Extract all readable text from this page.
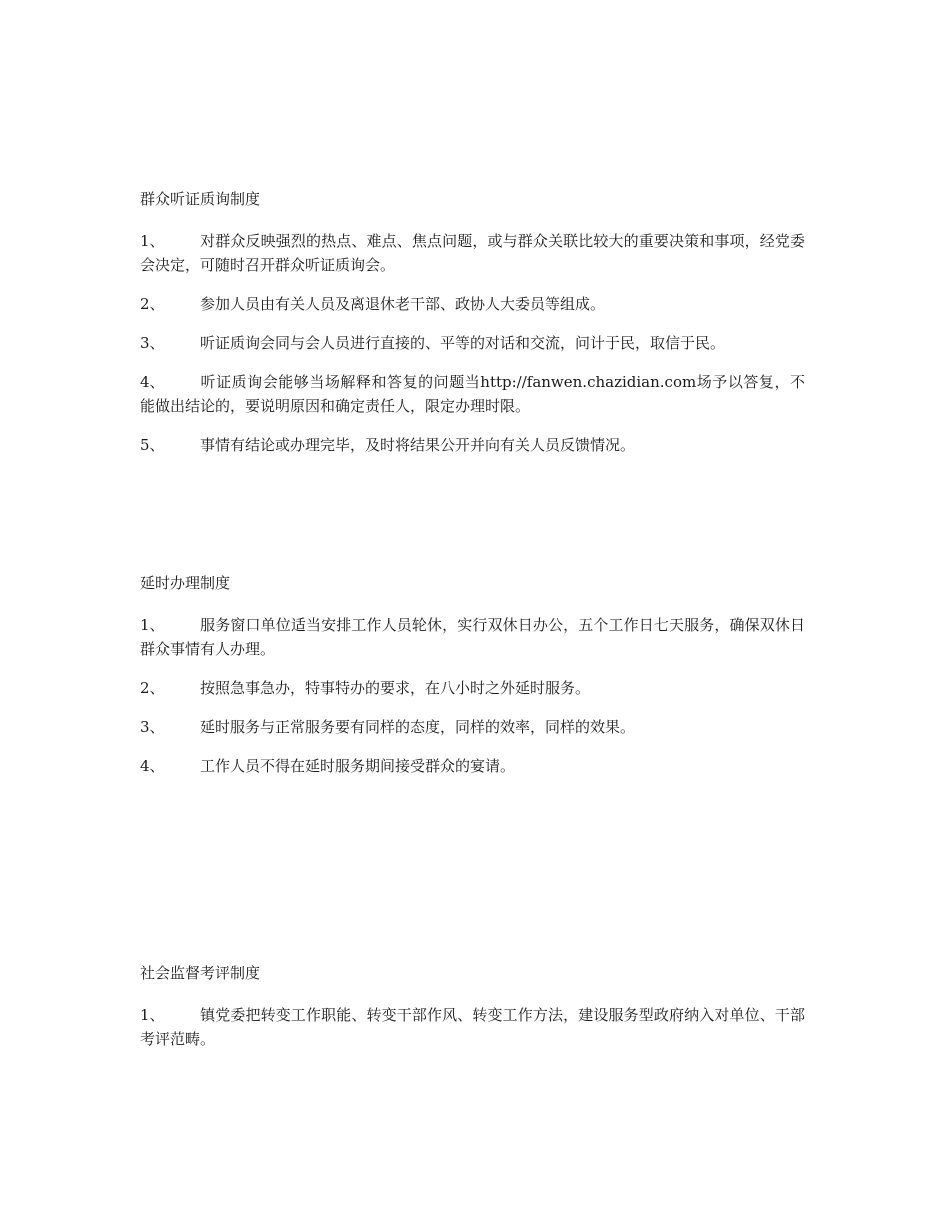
群众听证质询制度
1、 对群众反映强烈的热点、难点、焦点问题，或与群众关联比较大的重要决策和事项，经党委会决定，可随时召开群众听证质询会。
2、 参加人员由有关人员及离退休老干部、政协人大委员等组成。
3、 听证质询会同与会人员进行直接的、平等的对话和交流，问计于民，取信于民。
4、 听证质询会能够当场解释和答复的问题当http://fanwen.chazidian.com场予以答复，不能做出结论的，要说明原因和确定责任人，限定办理时限。
5、 事情有结论或办理完毕，及时将结果公开并向有关人员反馈情况。
延时办理制度
1、 服务窗口单位适当安排工作人员轮休，实行双休日办公，五个工作日七天服务，确保双休日群众事情有人办理。
2、 按照急事急办，特事特办的要求，在八小时之外延时服务。
3、 延时服务与正常服务要有同样的态度，同样的效率，同样的效果。
4、 工作人员不得在延时服务期间接受群众的宴请。
社会监督考评制度
1、 镇党委把转变工作职能、转变干部作风、转变工作方法，建设服务型政府纳入对单位、干部考评范畴。
